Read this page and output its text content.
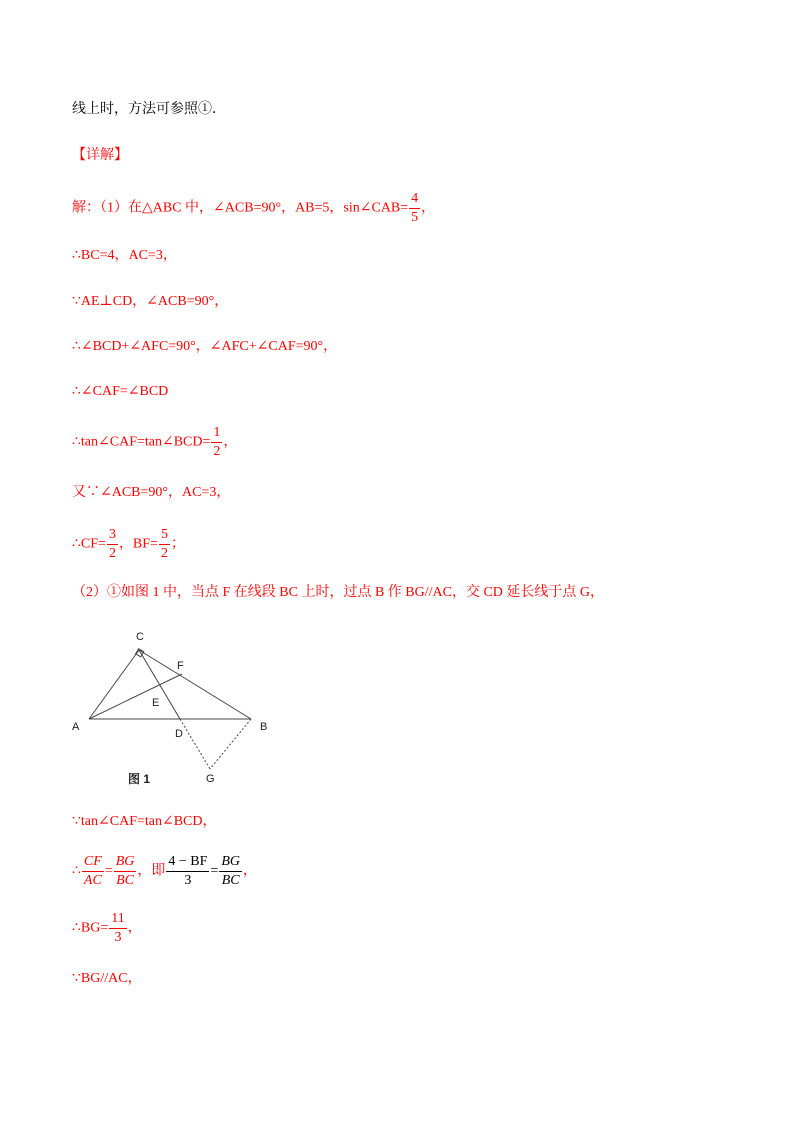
线上时，方法可参照①．
【详解】
解：（1）在△ABC 中，∠ACB=90°，AB=5，sin∠CAB= $\frac{4}{5}$ ，
∴BC=4，AC=3，
∵AE⊥CD，∠ACB=90°，
∴∠BCD+∠AFC=90°，∠AFC+∠CAF=90°，
∴∠CAF=∠BCD
∴tan∠CAF=tan∠BCD= $\frac{1}{2}$ ，
又∵∠ACB=90°，AC=3，
∴CF= $\frac{3}{2}$ ，$BF= \frac{5}{2}$ ；
（2）①如图 1 中，当点 F 在线段 BC 上时，过点 B 作 BG//AC，交 CD 延长线于点 G，
C
F
E
A
D
B
G
图 1
∵tan∠CAF=tan∠BCD，
∴ $\frac{CF}{AC} = \frac{BG}{BC}$ ，即 $\frac{4 - BF}{3} = \frac{BG}{BC}$ ，
∴BG= $\frac{11}{3}$ ，
∵BG//AC，
